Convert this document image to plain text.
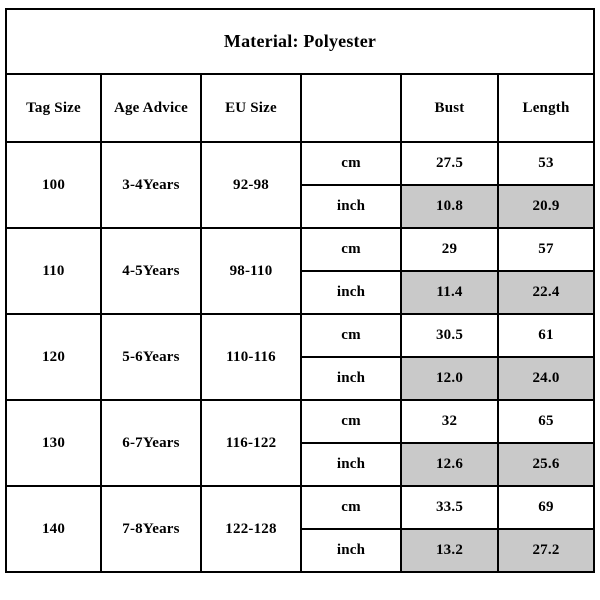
Material: Polyester					
Tag Size	Age Advice	EU Size		Bust	Length
100	3-4Years	92-98	cm	27.5	53
			inch	10.8	20.9
110	4-5Years	98-110	cm	29	57
			inch	11.4	22.4
120	5-6Years	110-116	cm	30.5	61
			inch	12.0	24.0
130	6-7Years	116-122	cm	32	65
			inch	12.6	25.6
140	7-8Years	122-128	cm	33.5	69
			inch	13.2	27.2
